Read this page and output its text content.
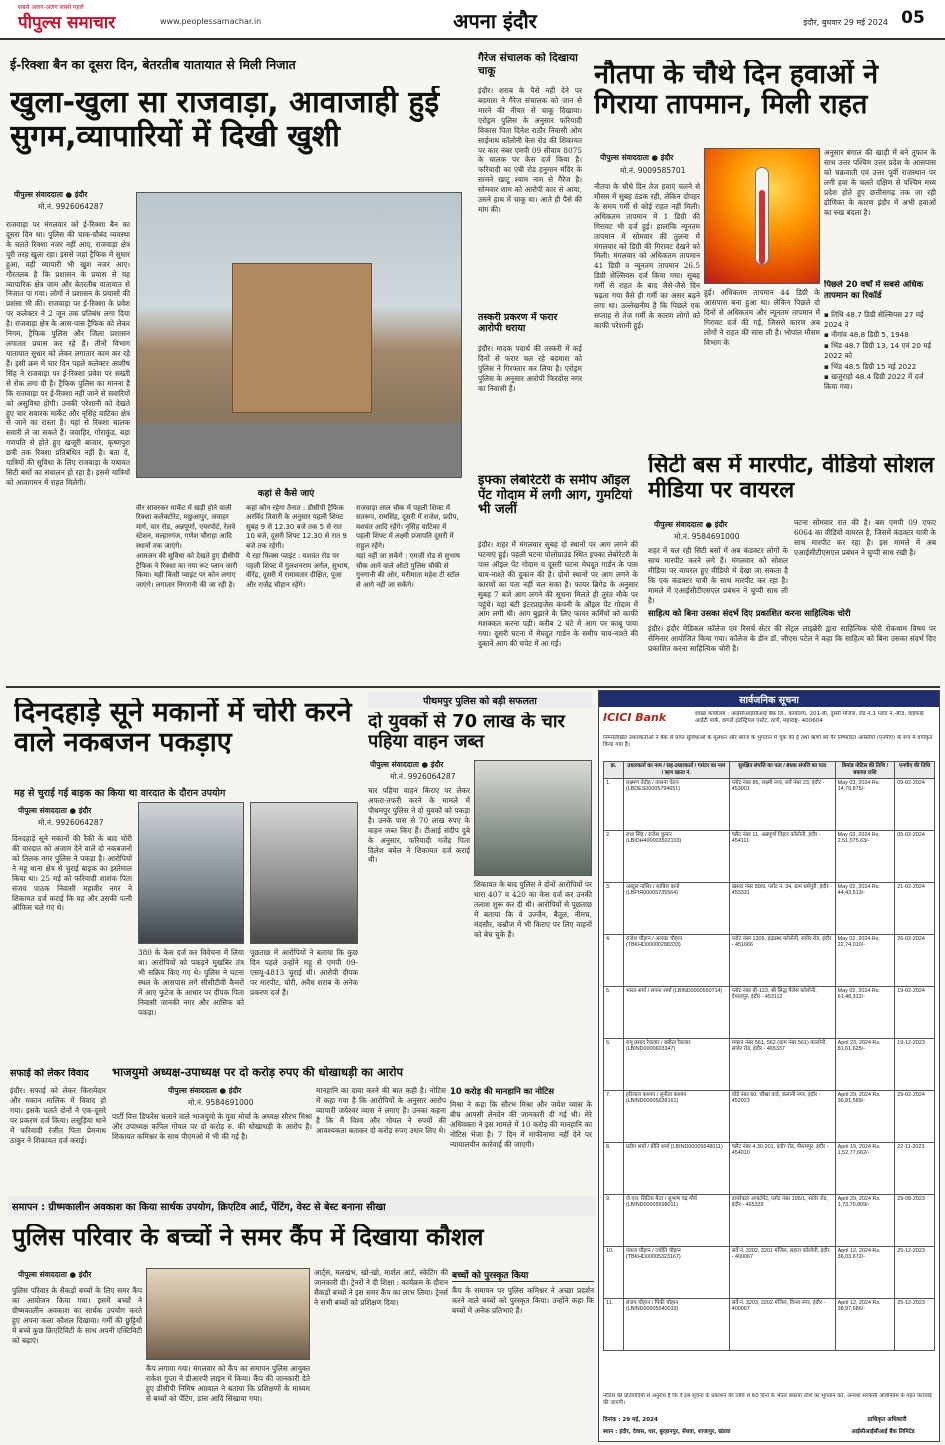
सबसे अलग-अलग सबसे पहले
पीपुल्स समाचार	www.peoplessamachar.in	अपना इंदौर	इंदौर, बुधवार 29 मई 2024 05
ई-रिक्शा बैन का दूसरा दिन, बेतरतीब यातायात से मिली निजात
खुला-खुला सा राजवाड़ा, आवाजाही हुई सुगम,व्यापारियों में दिखी खुशी
पीपुल्स संवाददाता ● इंदौर
मो.नं. 9926064287
राजवाड़ा पर मंगलवार को ई-रिक्शा बैन का दूसरा दिन था। पुलिस की चाक-चौबंद व्यवस्था के चलते रिक्शा नजर नहीं आए, राजवाड़ा क्षेत्र पूरी तरह खुला रहा। इससे जहां ट्रैफिक में सुधार हुआ, वहीं व्यापारी भी खुश नजर आए। गौरतलब है कि प्रशासन के प्रयास से यह व्यापारिक क्षेत्र जाम और बेतरतीब यातायात से निजात पा गया। लोगों ने प्रशासन के प्रयासों की प्रशंसा भी की। राजवाड़ा पर ई-रिक्शा के प्रवेश पर कलेक्टर ने 2 जून तक प्रतिबंध लगा दिया है। राजवाड़ा क्षेत्र के आस-पास ट्रैफिक को लेकर निगम, ट्रैफिक पुलिस और जिला प्रशासन लगातार प्रयास कर रहे हैं। तीनों विभाग यातायात सुधार को लेकर लगातार काम कर रहे हैं। इसी क्रम में चार दिन पहले कलेक्टर आशीष सिंह ने राजवाड़ा पर ई-रिक्शा प्रवेश पर सख्ती से रोक लगा दी है। ट्रैफिक पुलिस का मानना है कि राजवाड़ा पर ई-रिक्शा नहीं जाने से सवारियों को असुविधा होगी। उनकी परेशानी को देखते हुए चार सवारक मार्केट और नृसिंह वाटिका क्षेत्र से जाने का रास्ता है। यहां से रिक्शा चालक सवारी ले जा सकते हैं। जवाहिर, गोराकुंड, बड़ा गणपति से होते हुए खजूरी बाजार, कृष्णपुरा छत्री तक रिक्शा प्रतिबंधित नहीं है। बता दें, यात्रियों की सुविधा के लिए राजवाड़ा के यथावत सिटी बसों का संचालन हो रहा है। इससे यात्रियों को आवागमन में राहत मिलेगी।
कहां से कैसे जाएं
वीर सावरकर मार्केट में खड़ी होने वाली रिक्शा कलेक्टोरेट, मछुआपुर, जवाहर मार्ग, चार रोड, अन्नपूर्णा, एयरपोर्ट, रेलवे स्टेशन, मल्हारगंज, गणेश चौराहा आदि स्थानों तक जाएंगे।
आमजन की सुविधा को देखते हुए डीसीपी ट्रैफिक ने रिक्शा का नया रूट प्लान जारी किया। यहीं किसी प्वाइंट पर कोन लगाए जाएंगे। लगातार निगरानी की जा रही है।
कहां कौन रहेगा तैनात : डीसीपी ट्रैफिक अरविंद तिवारी के अनुसार पहली शिफ्ट सुबह 9 से 12.30 बजे तक 5 से रात 10 बजे, दूसरी शिफ्ट 12.30 से रात 9 बजे तक रहेगी।
ये रहा फिक्स प्वाइंट : यशवंत रोड पर पहली शिफ्ट में गुलशनराम अर्गल, सुभाष, वीरेंद्र, दूसरी में रामावतार दीक्षित, पूजा और राजेंद्र चौहान रहेंगे।
राजवाड़ा लाल चौक में पहली शिफ्ट में सतरूप, रामसिंह, दूसरी में राजेश, प्रदीप, यशवंत आदि रहेंगे। नृसिंह वाटिका में पहली शिफ्ट में लक्ष्मी प्रजापति दूसरी में राहुल रहेंगे।
यहां नहीं जा सकेंगे : एमजी रोड से सुभाष चौक आने वाले ऑटो पुलिस चौकी से गुनगानी की ओर, मरीमाता महेश टी स्टॉल से आगे नहीं जा सकेंगे।
गैरेज संचालक को दिखाया चाकू
इंदौर। शराब के पैसे नहीं देने पर बदमाश ने गैरेज संचालक को जान से मारने की नीयत से चाकू दिखाया। एरोड्रम पुलिस के अनुसार फरियादी विकास पिता दिनेश राठौर निवासी ओम साईनाथ कॉलोनी केस रोड की शिकायत पर कार नंबर एमपी 09 सीवाय 8075 के चालक पर केस दर्ज किया है। फरियादी का एबी रोड हनुमान मंदिर के सामने खाटू श्याम नाम से गैरेज है। सोमवार शाम को आरोपी कार से आया, उसने हाथ में चाकू था। आते ही पैसे की मांग की।
तस्करी प्रकरण में फरार आरोपी धराया
इंदौर। मादक पदार्थ की तस्करी में कई दिनों से फरार चल रहे बदमाश को पुलिस ने गिरफ्तार कर लिया है। एरोड्रम पुलिस के अनुसार आरोपी फिरदोस नगर का निवासी है।
नौतपा के चौथे दिन हवाओं ने गिराया तापमान, मिली राहत
पीपुल्स संवाददाता ● इंदौर
मो.नं. 9009585701
नौतपा के चौथे दिन तेज हवाएं चलने से मौसम में सुबह ठंडक रही, लेकिन दोपहर के समय गर्मी से कोई राहत नहीं मिली। अधिकतम तापमान में 1 डिग्री की गिरावट भी दर्ज हुई। हालांकि न्यूनतम तापमान में सोमवार की तुलना में मंगलवार को डिग्री की गिरावट देखने को मिली। मंगलवार को अधिकतम तापमान 41 डिग्री व न्यूनतम तापमान 26.5 डिग्री सेल्सियस दर्ज किया गया। सुबह गर्मी से राहत के बाद जैसे-जैसे दिन चढ़ता गया वैसे ही गर्मी का असर बढ़ने लगा था। उल्लेखनीय है कि पिछले एक सप्ताह से तेज गर्मी के कारण लोगों को काफी परेशानी हुई।
हुई। अधिकतम तापमान 44 डिग्री के आसपास बना हुआ था। लेकिन पिछले दो दिनों से अधिकतम और न्यूनतम तापमान में गिरावट दर्ज की गई, जिससे कारण अब लोगों ने राहत की सांस ली है। भोपाल मौसम विभाग के
अनुसार बंगाल की खाड़ी में बने तूफान के साथ उत्तर पश्चिम उत्तर प्रदेश के आसपास को चक्रवाती एवं उत्तर पूर्वी राजस्थान पर लगी हवा के चलते दक्षिण से पश्चिम मध्य प्रदेश होते हुए छत्तीसगढ़ तक जा रही द्रोणिका के कारण इंदौर में अभी हवाओं का रुख बदला है।
पिछले 20 वर्षों में सबसे अधिक तापमान का रिकॉर्ड
▪ तिथि 48.7 डिग्री सेल्सियस 27 मई 2024 ने
▪ नौगांव 48.8 डिग्री 5, 1948
▪ भिंड 48.7 डिग्री 13, 14 एवं 20 मई 2022 को
▪ भिंड 48.5 डिग्री 15 मई 2022
▪ खजुराहो 48.4 डिग्री 2022 में दर्ज किया गया।
इफ्का लेबोरेटरी के समीप ऑइल पेंट गोदाम में लगी आग, गुमटियां भी जलीं
इंदौर। शहर में मंगलवार सुबह दो स्थानों पर आग लगने की घटनाएं हुई। पहली घटना पोलोग्राउंड स्थित इफ्का लेबोरेटरी के पास ऑइल पेंट गोदाम व दूसरी घटना मेघदूत गार्डन के पास चाय-नाश्ते की दुकान की है। दोनों स्थानों पर आग लगने के कारणों का पता नहीं चल सका है। फायर ब्रिगेड के अनुसार सुबह 7 बजे आग लगने की सूचना मिलते ही तुरंत मौके पर पहुंचे। यहां बंटी इंटरप्राइजेस कंपनी के ऑइल पेंट गोदाम में आग लगी थी। आग बुझाने के लिए फायर कर्मियों को काफी मशक्कत करना पड़ी। करीब 2 घंटे में आग पर काबू पाया गया। दूसरी घटना में मेघदूत गार्डन के समीप चाय-नाश्ते की दुकानें आग की चपेट में आ गईं।
सिटी बस में मारपीट, वीडियो सोशल मीडिया पर वायरल
पीपुल्स संवाददाता ● इंदौर
मो.नं. 9584691000
शहर में चल रही सिटी बसों में अब कंडक्टर लोगों के साथ मारपीट करने लगे हैं। मंगलवार को सोशल मीडिया पर वायरल हुए वीडियो में देखा जा सकता है कि एक कंडक्टर यात्री के साथ मारपीट कर रहा है। मामले में एआईसीटीएसएल प्रबंधन ने चुप्पी साध ली है।
घटना सोमवार रात की है। बस एमपी 09 एफए 6064 का वीडियो वायरल है, जिसमें कंडक्टर यात्री के साथ मारपीट कर रहा है। इस मामले में अब एआईसीटीएसएल प्रबंधन ने चुप्पी साध रखी है।
साहित्य को बिना उसका संदर्भ दिए प्रकाशित करना साहित्यिक चोरी
इंदौर। इंदौर मेडिकल कॉलेज एवं रिसर्च सेंटर की सेंट्रल लाइब्रेरी द्वारा साहित्यिक चोरी रोकथाम विषय पर सेमिनार आयोजित किया गया। कॉलेज के डीन डॉ. जीएस पटेल ने कहा कि साहित्य को बिना उसका संदर्भ दिए प्रकाशित करना साहित्यिक चोरी है।
दिनदहाड़े सूने मकानों में चोरी करने वाले नकबजन पकड़ाए
मह से चुराई गई बाइक का किया था वारदात के दौरान उपयोग
पीपुल्स संवाददाता ● इंदौर
मो.नं. 9926064287
दिनदहाड़े सूने मकानों की रैकी के बाद चोरी की वारदात को अंजाम देने वाले दो नकबजनों को तिलक नगर पुलिस ने पकड़ा है। आरोपियों ने महू थाना क्षेत्र से चुराई बाइक का इस्तेमाल किया था। 25 मई को फरियादी शाशंक पिता संजय पाठक निवासी महावीर नगर ने शिकायत दर्ज कराई कि वह और उसकी पत्नी ऑफिस चले गए थे।
380 के केस दर्ज कर विवेचना में लिया था। आरोपियों को पकड़ने मुखबिर तंत्र भी सक्रिय किए गए थे। पुलिस ने घटना स्थल के आसपास लगे सीसीटीवी कैमरों में आए फुटेज के आधार पर दीपक पिता निवासी जानकी नगर और आसिफ को पकड़ा।
पूछताछ में आरोपियों ने बताया कि कुछ दिन पहले उन्होंने महू से एमपी 09-एसयू-4813 चुराई थी। आरोपी दीपक पर मारपीट, चोरी, अवैध शराब के अनेक प्रकरण दर्ज हैं।
पीथमपुर पुलिस को बड़ी सफलता
दो युवकों से 70 लाख के चार पहिया वाहन जब्त
पीपुल्स संवाददाता ● इंदौर
मो.नं. 9926064287
चार पहिया वाहन किराए पर लेकर अफरा-तफरी करने के मामले में पीथमपुर पुलिस ने दो युवकों को पकड़ा है। उनके पास से 70 लाख रुपए के वाहन जब्त किए हैं। टीआई संदीप दुबे के अनुसार, फरियादी गजेंद्र पिता दिलेश बघेल ने शिकायत दर्ज कराई थी।
शिकायत के बाद पुलिस ने दोनों आरोपियों पर धारा 407 व 420 का केस दर्ज कर उनकी तलाश शुरू कर दी थी। आरोपियों से पूछताछ में बताया कि वे उज्जैन, बैतूल, नीमच, मंदसौर, कन्नौज में भी किराए पर लिए वाहनों को बेच चुके हैं।
भाजयुमो अध्यक्ष-उपाध्यक्ष पर दो करोड़ रुपए की धोखाधड़ी का आरोप
पीपुल्स संवाददाता ● इंदौर
मो.नं. 9584691000
पार्टी वित्त डिफरेंस चलाने वाले भाजयुमो के युवा मोर्चा के अध्यक्ष सौरभ मिश्रा और उपाध्यक्ष कपिल गोयल पर दो करोड़ रु. की धोखाधड़ी के आरोप हैं। शिकायत कमिश्नर के साथ पीएमओ में भी की गई है।
मानहानि का दावा करने की बात कही है। नोटिस में कहा गया है कि आरोपियों के अनुसार आरोप व्यापारी जयेश्वर व्यास ने लगाए हैं। उनका कहना है कि मैं विश्व और गोयल ने रुपयों की आवश्यकता बताकर दो करोड़ रुपए उधार लिए थे।
10 करोड़ की मानहानि का नोटिस
मिश्रा ने कहा कि सौरभ मिश्रा और जयेश व्यास के बीच आपसी लेनदेन की जानकारी दी गई थी। मेरे अधिवक्ता ने इस मामले में 10 करोड़ की मानहानि का नोटिस भेजा है। 7 दिन में माफीनामा नहीं देने पर न्यायालयीन कार्रवाई की जाएगी।
सफाई को लेकर विवाद
इंदौर। सफाई को लेकर किरायेदार और मकान मालिक में विवाद हो गया। इसके चलते दोनों ने एक-दूसरे पर प्रकरण दर्ज किया। लसूड़िया थाने में फरियादी रंजीत पिता प्रेमनाथ ठाकुर ने शिकायत दर्ज कराई।
समापन : ग्रीष्मकालीन अवकाश का किया सार्थक उपयोग, क्रिएटिव आर्ट, पेंटिंग, वेस्ट से बेस्ट बनाना सीखा
पुलिस परिवार के बच्चों ने समर कैंप में दिखाया कौशल
पीपुल्स संवाददाता ● इंदौर
पुलिस परिवार के सैकड़ों बच्चों के लिए समर कैंप का आयोजन किया गया। इसमें बच्चों ने ग्रीष्मकालीन अवकाश का सार्थक उपयोग करते हुए अपना कला कौशल दिखाया। गर्मी की छुट्टियों में बच्चे कुछ क्रिएटिविटी के साथ अपनी एक्टिविटी को बढ़ाएं।
कैंप लगाया गया। मंगलवार को कैंप का समापन पुलिस आयुक्त राकेश गुप्ता ने डीआरपी लाइन में किया। कैंप की जानकारी देते हुए डीसीपी निमिष अग्रवाल ने बताया कि प्रशिक्षणों के माध्यम से बच्चों को पेंटिंग, डांस आदि सिखाया गया।
आर्ट्स, मलखंभ, खो-खो, मार्शल आर्ट, स्केटिंग की जानकारी दी। ट्रेनरों ने दी शिक्षा : कार्यक्रम के दौरान सैकड़ों बच्चों ने इस समर कैंप का लाभ लिया। ट्रेनर्स ने सभी बच्चों को प्रशिक्षण दिया।
बच्चों को पुरस्कृत किया
कैंप के समापन पर पुलिस कमिश्नर ने अच्छा प्रदर्शन करने वाले बच्चों को पुरस्कृत किया। उन्होंने कहा कि बच्चों में अनेक प्रतिभाएं हैं।
सार्वजनिक सूचना
ICICI Bank	शाखा कार्यालय : आईसीआईसीआई बैंक लि., कार्यालय, 201-बी, दूसरी मंजिल, रोड नं.1 प्लॉट नं.-बी3, वाईफाई आईटी पार्क, वागले इंडस्ट्रियल एस्टेट, ठाणे, महाराष्ट्र- 400604
निम्नलिखित उधारकर्ताओं ने बैंक से प्राप्त सुविधाओं के मूलधन और ब्याज के भुगतान में चूक की है तथा ऋणों को गैर निष्पादित आस्तियों (एनपीए) के रूप में वर्गीकृत किया गया है।
क्र.	उधारकर्ता का नाम / सह-उधारकर्ता / गारंटर का नाम / ऋण खाता नं.	सुरक्षित संपत्ति का पता / बंधक संपत्ति का पता	डिमांड नोटिस की तिथि / बकाया राशि	एनपीए की तिथि
1.	लक्ष्मण तेंदोह / तासना चेतन (LBDES00005794651)	प्लॉट नंबर 86, लक्ष्मी नगर, सर्वे नंबर 23, इंदौर - 453001	May 03, 2024 Rs. 14,79,875/-	09-02-2024
2.	राधा सिंह / राजेश कुमार (LBIDH400003502103)	फ्लैट नंबर 11, अन्नपूर्णा विहार कॉलोनी, इंदौर - 454111	May 03, 2024 Rs. 2,51,075.63/-	05-02-2024
3.	अब्दुल नासिर / साबिरा बानो (LBPIR00005735564)	खसरा नंबर 89/9, प्लॉट नं. 34, ग्राम धर्मपुरी, इंदौर - 453331	May 02, 2024 Rs. 44,43,513/-	21-02-2024
4.	राजेश चौहान / अलका चौहान (TBKHD00000288333)	प्लॉट नंबर 1309, इंद्रप्रस्थ कॉलोनी, सांवेर रोड, इंदौर - 451666	May 02, 2024 Rs. 22,74,010/-	26-02-2024
5.	भारत शर्मा / सपना शर्मा (LBIND0000550714)	प्लॉट नंबर बी-123, श्री सिद्ध पैलेस कॉलोनी, देपालपुर, इंदौर - 453112	May 02, 2024 Rs. 61,48,312/-	19-02-2024
6.	रामू प्रसाद रैकवार / बबीता रैकवार (LBIND0000603347)	मकान नंबर 561, 562 (ग्राम नंबर 561) कालोनी, सांवेर रोड, इंदौर - 465337	April 23, 2024 Rs. 81,61,625/-	19-12-2023
7.	हरिलाल कश्यप / सुनीता कश्यप (LBIND00005638161)	वॉर्ड नंबर 60, चौखा वार्ड, कलानी नगर, इंदौर - 452023	April 29, 2024 Rs. 36,81,589/-	29-02-2024
8.	प्रदीप शर्मा / प्रीति शर्मा (LBIND00005648011)	फ्लैट नंबर 4.30-201, इंदौर रोड, पीथमपुर, इंदौर - 454010	April 19, 2024 Rs. 1,52,77,662/-	22-11-2023
9.	जे.एल. सिटिस मैटर / सुभाष चंद्र मौर्य (LBIND00005698011)	डायरेक्टर अपार्टमेंट, प्लॉट नंबर 195/1, सांवेर रोड, इंदौर - 465333	April 29, 2024 Rs. 1,73,70,809/-	29-08-2023
10.	पंकज चौहान / ज्योति चौहान (TBKHD00005323167)	सर्वे नं. 3202, 3201 मंजिल, सहारा कॉलोनी, इंदौर - 400067	April 12, 2024 Rs. 36,03,672/-	25-12-2023
11.	संजय चौहान / पिंकी चौहान (LBIND00005540033)	सर्वे नं. 3203, 3202 मंजिल, विनय नगर, इंदौर - 400067	April 12, 2024 Rs. 38,97,686/-	25-12-2023
नोटिस की प्रतिवादियों से अनुरोध है कि वे इस सूचना के प्रकाशन की तिथि से 60 दिनों के भीतर बकाया राशि का भुगतान करें, अन्यथा सरफेसी अधिनियम के तहत कार्रवाई की जाएगी।
दिनांक : 29 मई, 2024
स्थान : इंदौर, देवास, धार, बुरहानपुर, सेंधवा, शाजापुर, खंडवा
प्राधिकृत अधिकारी
आईसीआईसीआई बैंक लिमिटेड
